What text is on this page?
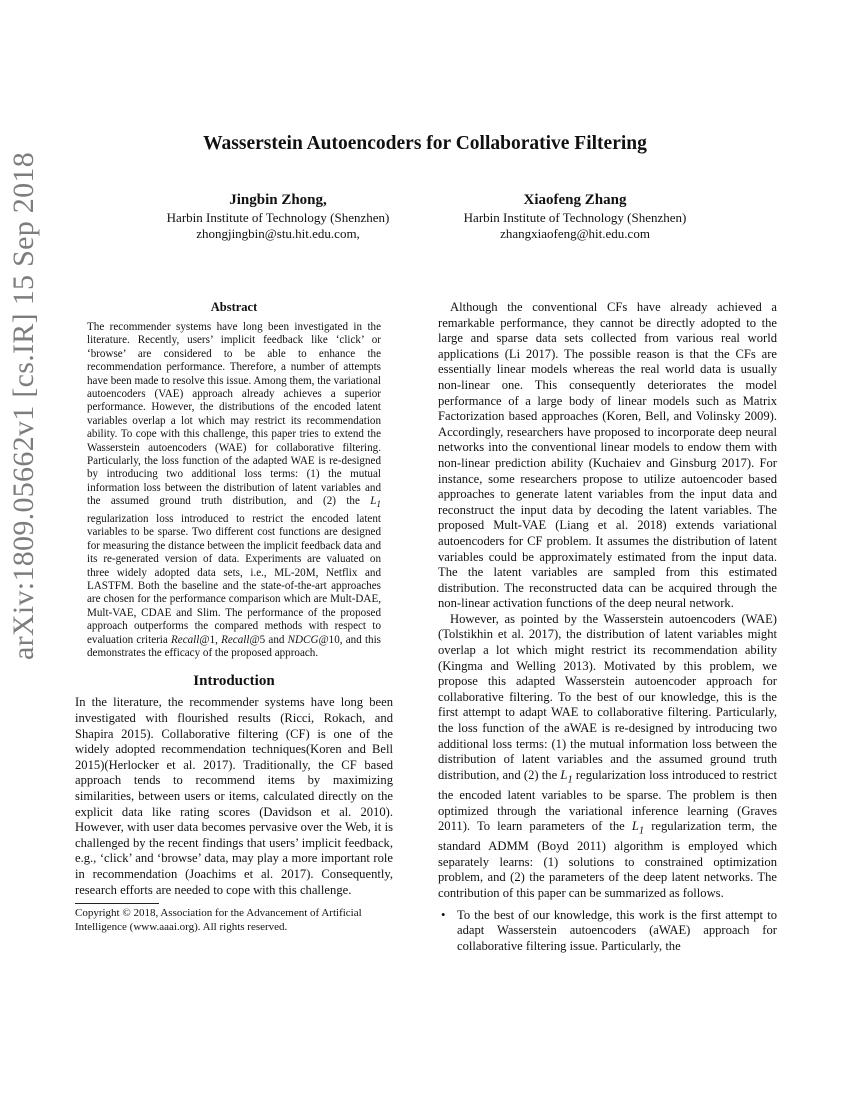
arXiv:1809.05662v1 [cs.IR] 15 Sep 2018
Wasserstein Autoencoders for Collaborative Filtering
Jingbin Zhong,
Harbin Institute of Technology (Shenzhen)
zhongjingbin@stu.hit.edu.com,
Xiaofeng Zhang
Harbin Institute of Technology (Shenzhen)
zhangxiaofeng@hit.edu.com
Abstract

The recommender systems have long been investigated in the literature. Recently, users’ implicit feedback like ‘click’ or ‘browse’ are considered to be able to enhance the recommendation performance. Therefore, a number of attempts have been made to resolve this issue. Among them, the variational autoencoders (VAE) approach already achieves a superior performance. However, the distributions of the encoded latent variables overlap a lot which may restrict its recommendation ability. To cope with this challenge, this paper tries to extend the Wasserstein autoencoders (WAE) for collaborative filtering. Particularly, the loss function of the adapted WAE is re-designed by introducing two additional loss terms: (1) the mutual information loss between the distribution of latent variables and the assumed ground truth distribution, and (2) the $L_1$ regularization loss introduced to restrict the encoded latent variables to be sparse. Two different cost functions are designed for measuring the distance between the implicit feedback data and its re-generated version of data. Experiments are valuated on three widely adopted data sets, i.e., ML-20M, Netflix and LASTFM. Both the baseline and the state-of-the-art approaches are chosen for the performance comparison which are Mult-DAE, Mult-VAE, CDAE and Slim. The performance of the proposed approach outperforms the compared methods with respect to evaluation criteria Recall@1, Recall@5 and NDCG@10, and this demonstrates the efficacy of the proposed approach.

Introduction

In the literature, the recommender systems have long been investigated with flourished results (Ricci, Rokach, and Shapira 2015). Collaborative filtering (CF) is one of the widely adopted recommendation techniques(Koren and Bell 2015)(Herlocker et al. 2017). Traditionally, the CF based approach tends to recommend items by maximizing similarities, between users or items, calculated directly on the explicit data like rating scores (Davidson et al. 2010). However, with user data becomes pervasive over the Web, it is challenged by the recent findings that users’ implicit feedback, e.g., ‘click’ and ‘browse’ data, may play a more important role in recommendation (Joachims et al. 2017). Consequently, research efforts are needed to cope with this challenge.

Copyright © 2018, Association for the Advancement of Artificial Intelligence (www.aaai.org). All rights reserved.

Although the conventional CFs have already achieved a remarkable performance, they cannot be directly adopted to the large and sparse data sets collected from various real world applications (Li 2017). The possible reason is that the CFs are essentially linear models whereas the real world data is usually non-linear one. This consequently deteriorates the model performance of a large body of linear models such as Matrix Factorization based approaches (Koren, Bell, and Volinsky 2009). Accordingly, researchers have proposed to incorporate deep neural networks into the conventional linear models to endow them with non-linear prediction ability (Kuchaiev and Ginsburg 2017). For instance, some researchers propose to utilize autoencoder based approaches to generate latent variables from the input data and reconstruct the input data by decoding the latent variables. The proposed Mult-VAE (Liang et al. 2018) extends variational autoencoders for CF problem. It assumes the distribution of latent variables could be approximately estimated from the input data. The the latent variables are sampled from this estimated distribution. The reconstructed data can be acquired through the non-linear activation functions of the deep neural network.

However, as pointed by the Wasserstein autoencoders (WAE) (Tolstikhin et al. 2017), the distribution of latent variables might overlap a lot which might restrict its recommendation ability (Kingma and Welling 2013). Motivated by this problem, we propose this adapted Wasserstein autoencoder approach for collaborative filtering. To the best of our knowledge, this is the first attempt to adapt WAE to collaborative filtering. Particularly, the loss function of the aWAE is re-designed by introducing two additional loss terms: (1) the mutual information loss between the distribution of latent variables and the assumed ground truth distribution, and (2) the $L_1$ regularization loss introduced to restrict the encoded latent variables to be sparse. The problem is then optimized through the variational inference learning (Graves 2011). To learn parameters of the $L_1$ regularization term, the standard ADMM (Boyd 2011) algorithm is employed which separately learns: (1) solutions to constrained optimization problem, and (2) the parameters of the deep latent networks. The contribution of this paper can be summarized as follows.

• To the best of our knowledge, this work is the first attempt to adapt Wasserstein autoencoders (aWAE) approach for collaborative filtering issue. Particularly, the
